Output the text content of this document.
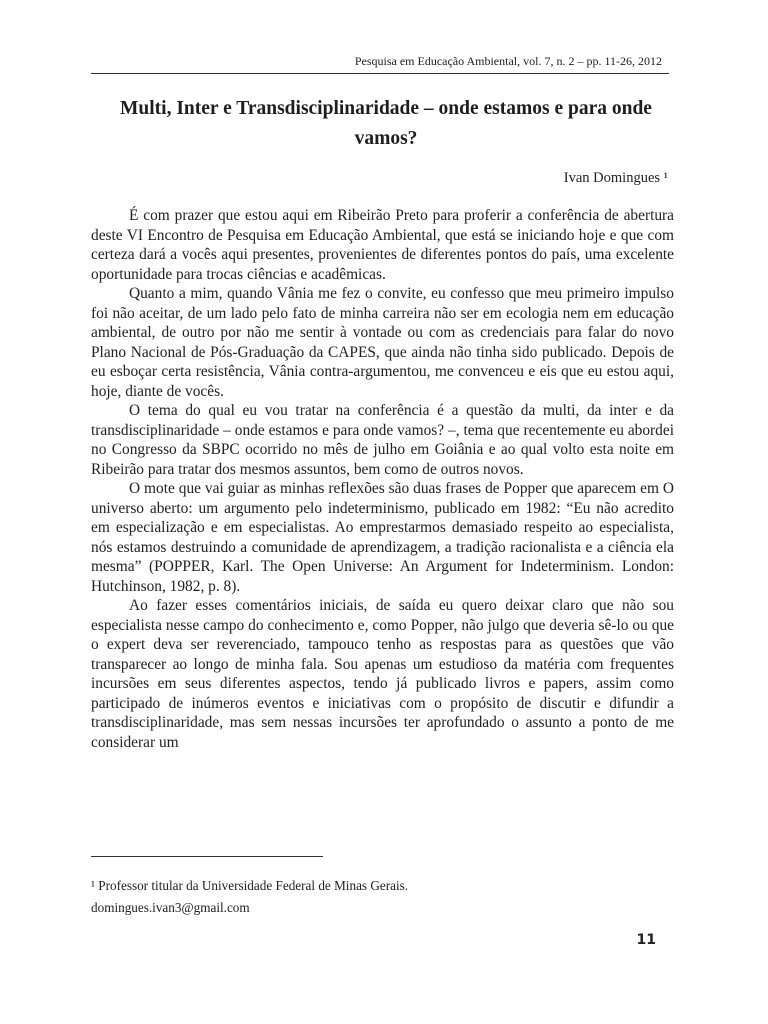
Pesquisa em Educação Ambiental, vol. 7, n. 2 – pp. 11-26, 2012
Multi, Inter e Transdisciplinaridade – onde estamos e para onde vamos?
Ivan Domingues ¹

É com prazer que estou aqui em Ribeirão Preto para proferir a conferência de abertura deste VI Encontro de Pesquisa em Educação Ambiental, que está se iniciando hoje e que com certeza dará a vocês aqui presentes, provenientes de diferentes pontos do país, uma excelente oportunidade para trocas ciências e acadêmicas.

Quanto a mim, quando Vânia me fez o convite, eu confesso que meu primeiro impulso foi não aceitar, de um lado pelo fato de minha carreira não ser em ecologia nem em educação ambiental, de outro por não me sentir à vontade ou com as credenciais para falar do novo Plano Nacional de Pós-Graduação da CAPES, que ainda não tinha sido publicado. Depois de eu esboçar certa resistência, Vânia contra-argumentou, me convenceu e eis que eu estou aqui, hoje, diante de vocês.

O tema do qual eu vou tratar na conferência é a questão da multi, da inter e da transdisciplinaridade – onde estamos e para onde vamos? –, tema que recentemente eu abordei no Congresso da SBPC ocorrido no mês de julho em Goiânia e ao qual volto esta noite em Ribeirão para tratar dos mesmos assuntos, bem como de outros novos.

O mote que vai guiar as minhas reflexões são duas frases de Popper que aparecem em O universo aberto: um argumento pelo indeterminismo, publicado em 1982: “Eu não acredito em especialização e em especialistas. Ao emprestarmos demasiado respeito ao especialista, nós estamos destruindo a comunidade de aprendizagem, a tradição racionalista e a ciência ela mesma” (POPPER, Karl. The Open Universe: An Argument for Indeterminism. London: Hutchinson, 1982, p. 8).

Ao fazer esses comentários iniciais, de saída eu quero deixar claro que não sou especialista nesse campo do conhecimento e, como Popper, não julgo que deveria sê-lo ou que o expert deva ser reverenciado, tampouco tenho as respostas para as questões que vão transparecer ao longo de minha fala. Sou apenas um estudioso da matéria com frequentes incursões em seus diferentes aspectos, tendo já publicado livros e papers, assim como participado de inúmeros eventos e iniciativas com o propósito de discutir e difundir a transdisciplinaridade, mas sem nessas incursões ter aprofundado o assunto a ponto de me considerar um

¹ Professor titular da Universidade Federal de Minas Gerais.
domingues.ivan3@gmail.com
11
